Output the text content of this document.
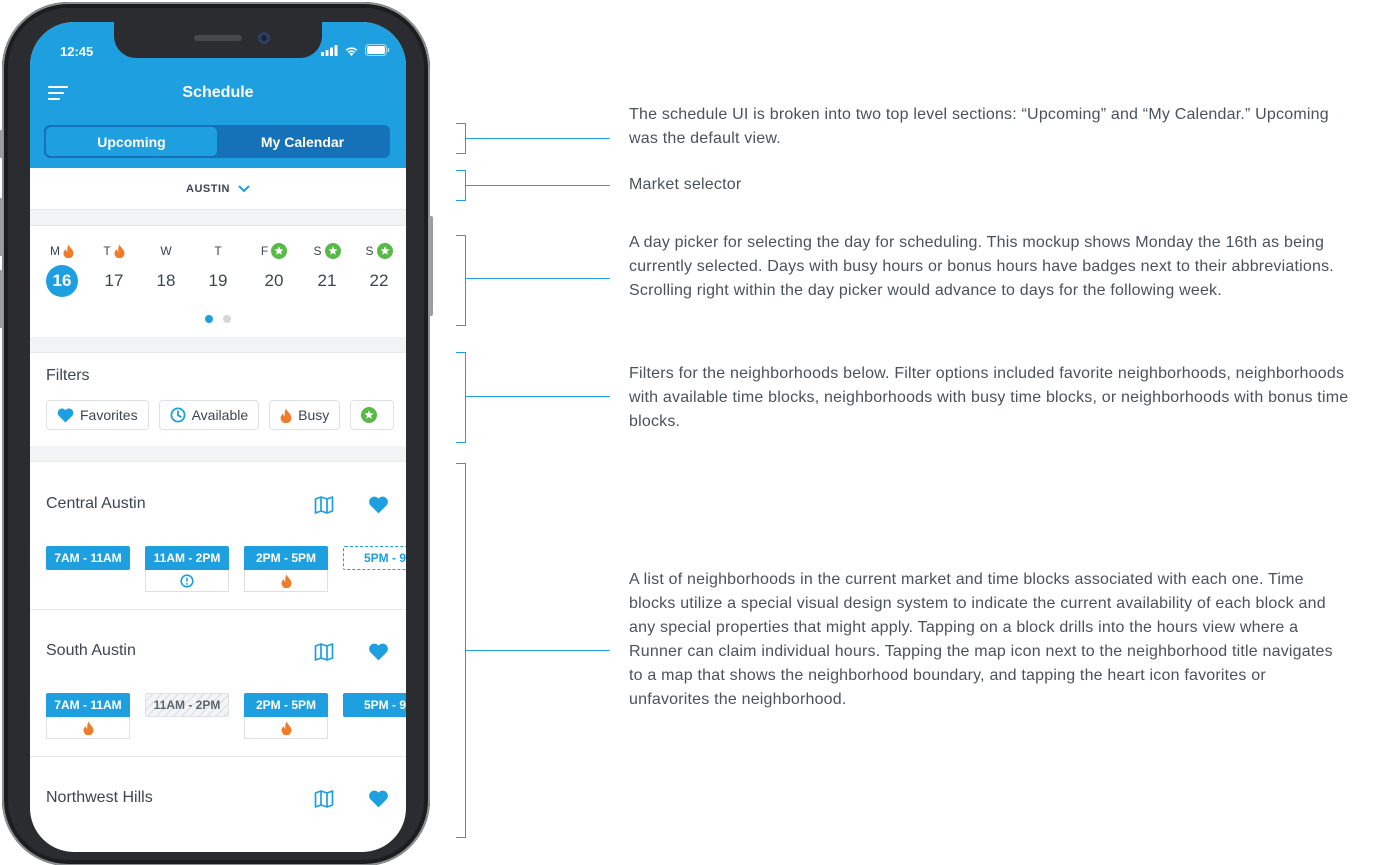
12:45
Schedule
Upcoming	My Calendar
AUSTIN
M
16
T
17
W
18
T
19
F
20
S
21
S
22
Filters
Favorites	Available	Busy
Central Austin
7AM - 11AM	11AM - 2PM	2PM - 5PM	5PM - 9
South Austin
7AM - 11AM	11AM - 2PM	2PM - 5PM	5PM - 9
Northwest Hills
The schedule UI is broken into two top level sections: “Upcoming” and “My Calendar.” Upcoming was the default view.
Market selector
A day picker for selecting the day for scheduling. This mockup shows Monday the 16th as being currently selected. Days with busy hours or bonus hours have badges next to their abbreviations. Scrolling right within the day picker would advance to days for the following week.
Filters for the neighborhoods below. Filter options included favorite neighborhoods, neighborhoods with available time blocks, neighborhoods with busy time blocks, or neighborhoods with bonus time blocks.
A list of neighborhoods in the current market and time blocks associated with each one. Time blocks utilize a special visual design system to indicate the current availability of each block and any special properties that might apply. Tapping on a block drills into the hours view where a Runner can claim individual hours. Tapping the map icon next to the neighborhood title navigates to a map that shows the neighborhood boundary, and tapping the heart icon favorites or unfavorites the neighborhood.
